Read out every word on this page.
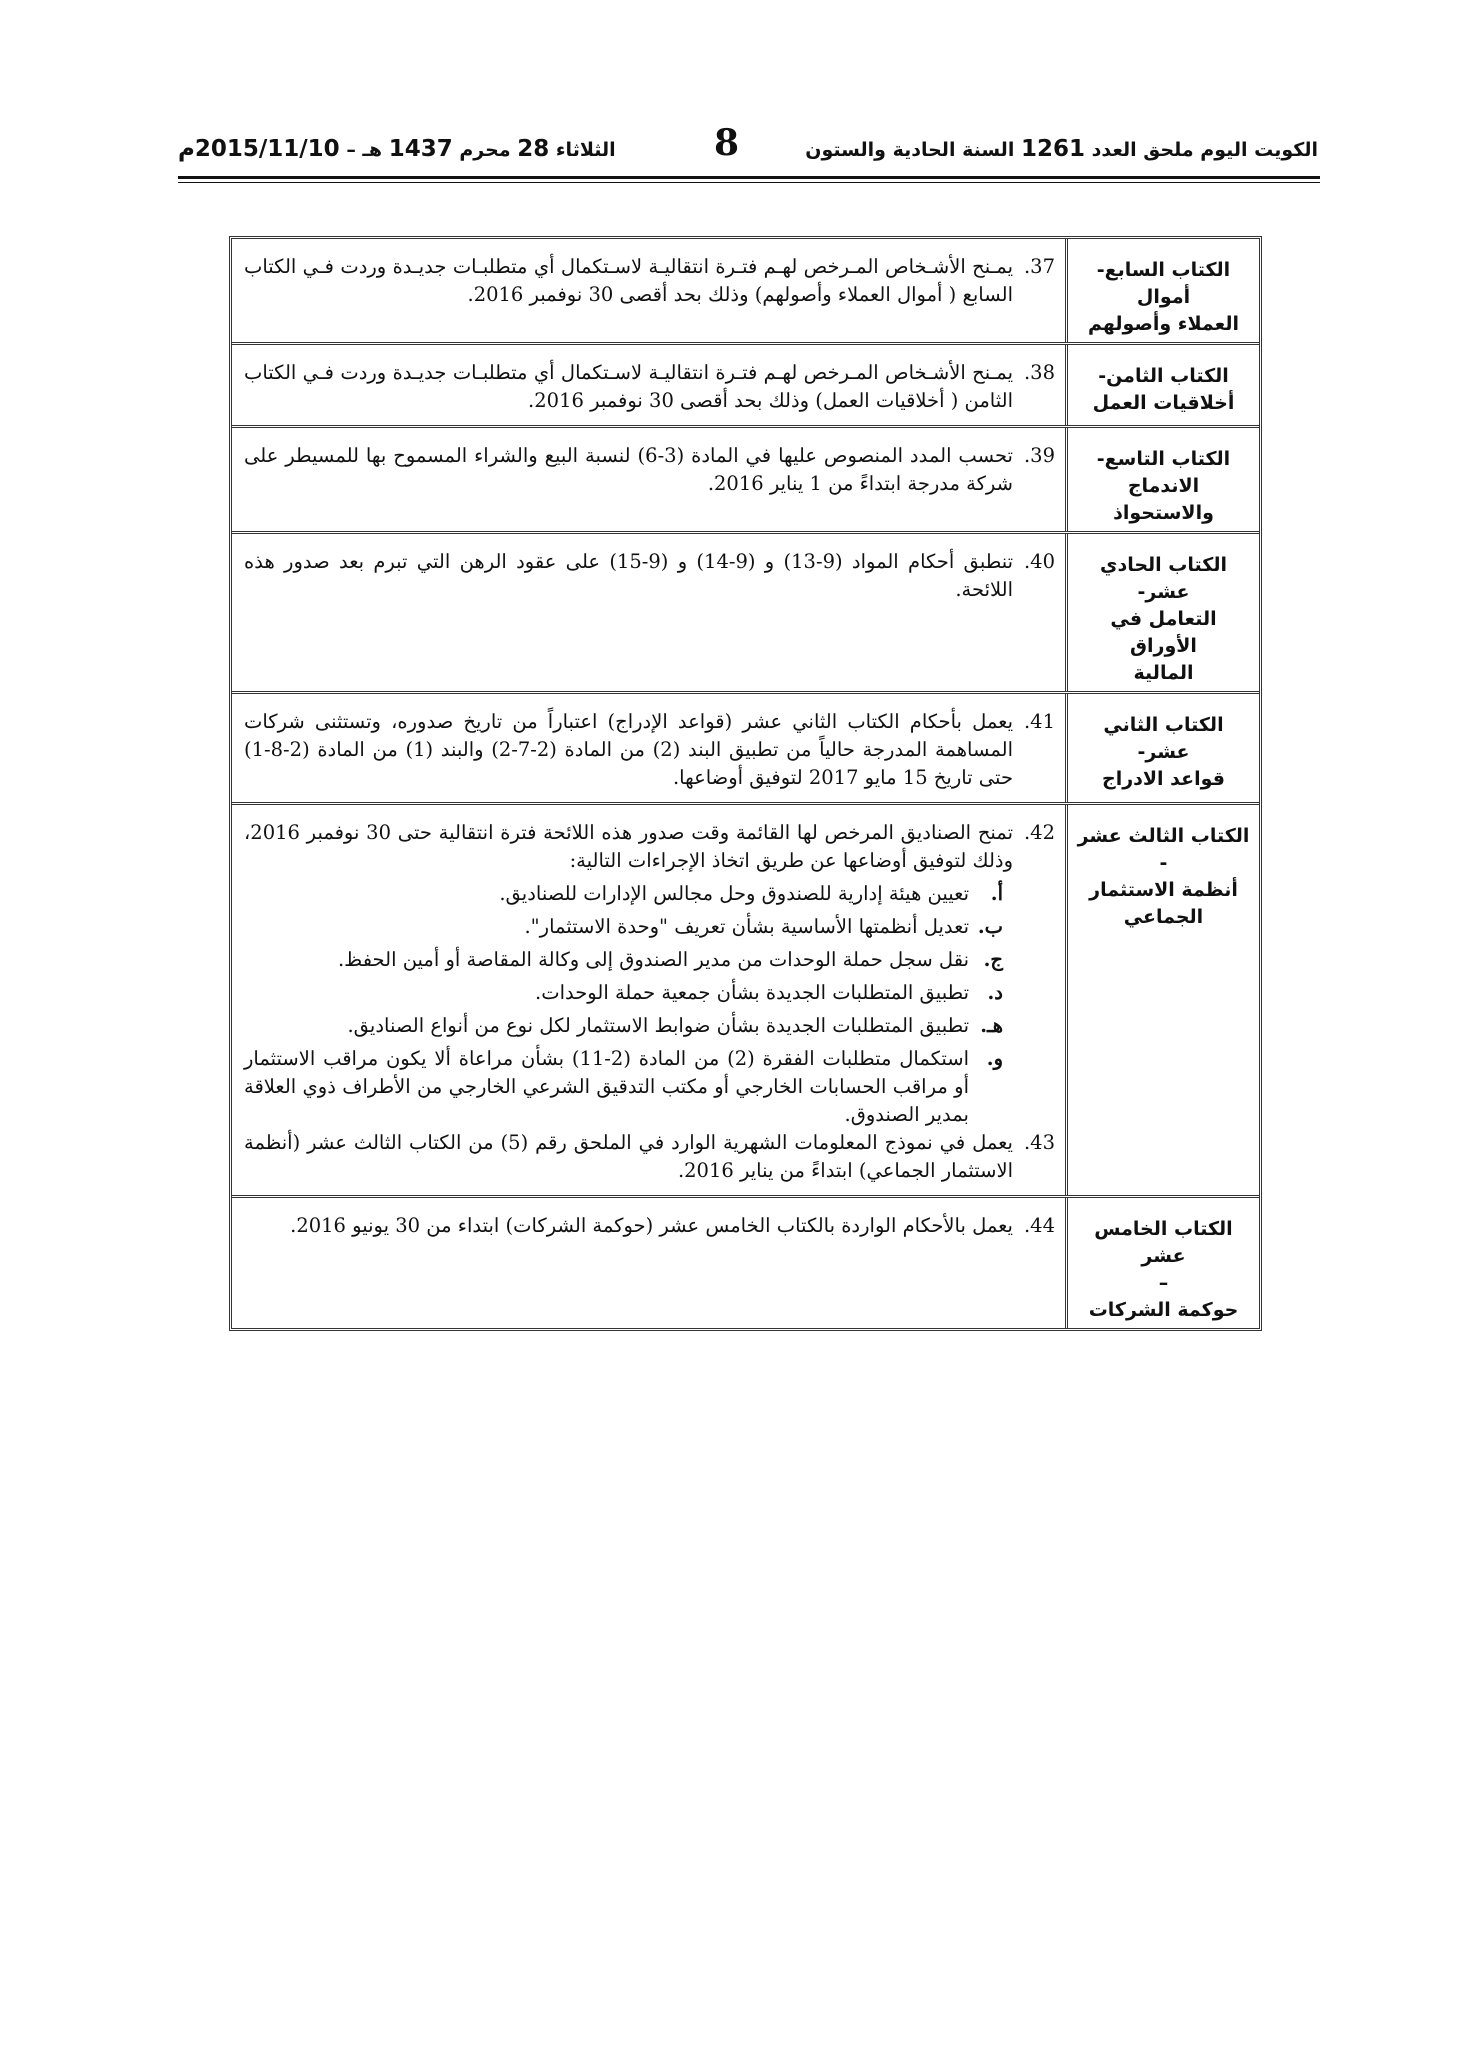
الكويت اليوم ملحق العدد 1261 السنة الحادية والستون
8
الثلاثاء 28 محرم 1437 هـ – 2015/11/10م
الكتاب السابع- أموال
العملاء وأصولهم
37.
يمـنح الأشـخاص المـرخص لهـم فتـرة انتقاليـة لاسـتكمال أي متطلبـات جديـدة وردت فـي الكتاب السابع ( أموال العملاء وأصولهم) وذلك بحد أقصى 30 نوفمبر 2016.
الكتاب الثامن-
أخلاقيات العمل
38.
يمـنح الأشـخاص المـرخص لهـم فتـرة انتقاليـة لاسـتكمال أي متطلبـات جديـدة وردت فـي الكتاب الثامن ( أخلاقيات العمل) وذلك بحد أقصى 30 نوفمبر 2016.
الكتاب التاسع-
الاندماج والاستحواذ
39.
تحسب المدد المنصوص عليها في المادة (3-6) لنسبة البيع والشراء المسموح بها للمسيطر على شركة مدرجة ابتداءً من 1 يناير 2016.
الكتاب الحادي عشر-
التعامل في الأوراق
المالية
40.
تنطبق أحكام المواد (9-13) و (9-14) و (9-15) على عقود الرهن التي تبرم بعد صدور هذه اللائحة.
الكتاب الثاني عشر-
قواعد الادراج
41.
يعمل بأحكام الكتاب الثاني عشر (قواعد الإدراج) اعتباراً من تاريخ صدوره، وتستثنى شركات المساهمة المدرجة حالياً من تطبيق البند (2) من المادة (2-7-2) والبند (1) من المادة (2-8-1) حتى تاريخ 15 مايو 2017 لتوفيق أوضاعها.
الكتاب الثالث عشر -
أنظمة الاستثمار
الجماعي
42.
تمنح الصناديق المرخص لها القائمة وقت صدور هذه اللائحة فترة انتقالية حتى 30 نوفمبر 2016، وذلك لتوفيق أوضاعها عن طريق اتخاذ الإجراءات التالية:
أ.
تعيين هيئة إدارية للصندوق وحل مجالس الإدارات للصناديق.
ب.
تعديل أنظمتها الأساسية بشأن تعريف "وحدة الاستثمار".
ج.
نقل سجل حملة الوحدات من مدير الصندوق إلى وكالة المقاصة أو أمين الحفظ.
د.
تطبيق المتطلبات الجديدة بشأن جمعية حملة الوحدات.
هـ.
تطبيق المتطلبات الجديدة بشأن ضوابط الاستثمار لكل نوع من أنواع الصناديق.
و.
استكمال متطلبات الفقرة (2) من المادة (2-11) بشأن مراعاة ألا يكون مراقب الاستثمار أو مراقب الحسابات الخارجي أو مكتب التدقيق الشرعي الخارجي من الأطراف ذوي العلاقة بمدير الصندوق.
43.
يعمل في نموذج المعلومات الشهرية الوارد في الملحق رقم (5) من الكتاب الثالث عشر (أنظمة الاستثمار الجماعي) ابتداءً من يناير 2016.
الكتاب الخامس عشر
–
حوكمة الشركات
44.
يعمل بالأحكام الواردة بالكتاب الخامس عشر (حوكمة الشركات) ابتداء من 30 يونيو 2016.
